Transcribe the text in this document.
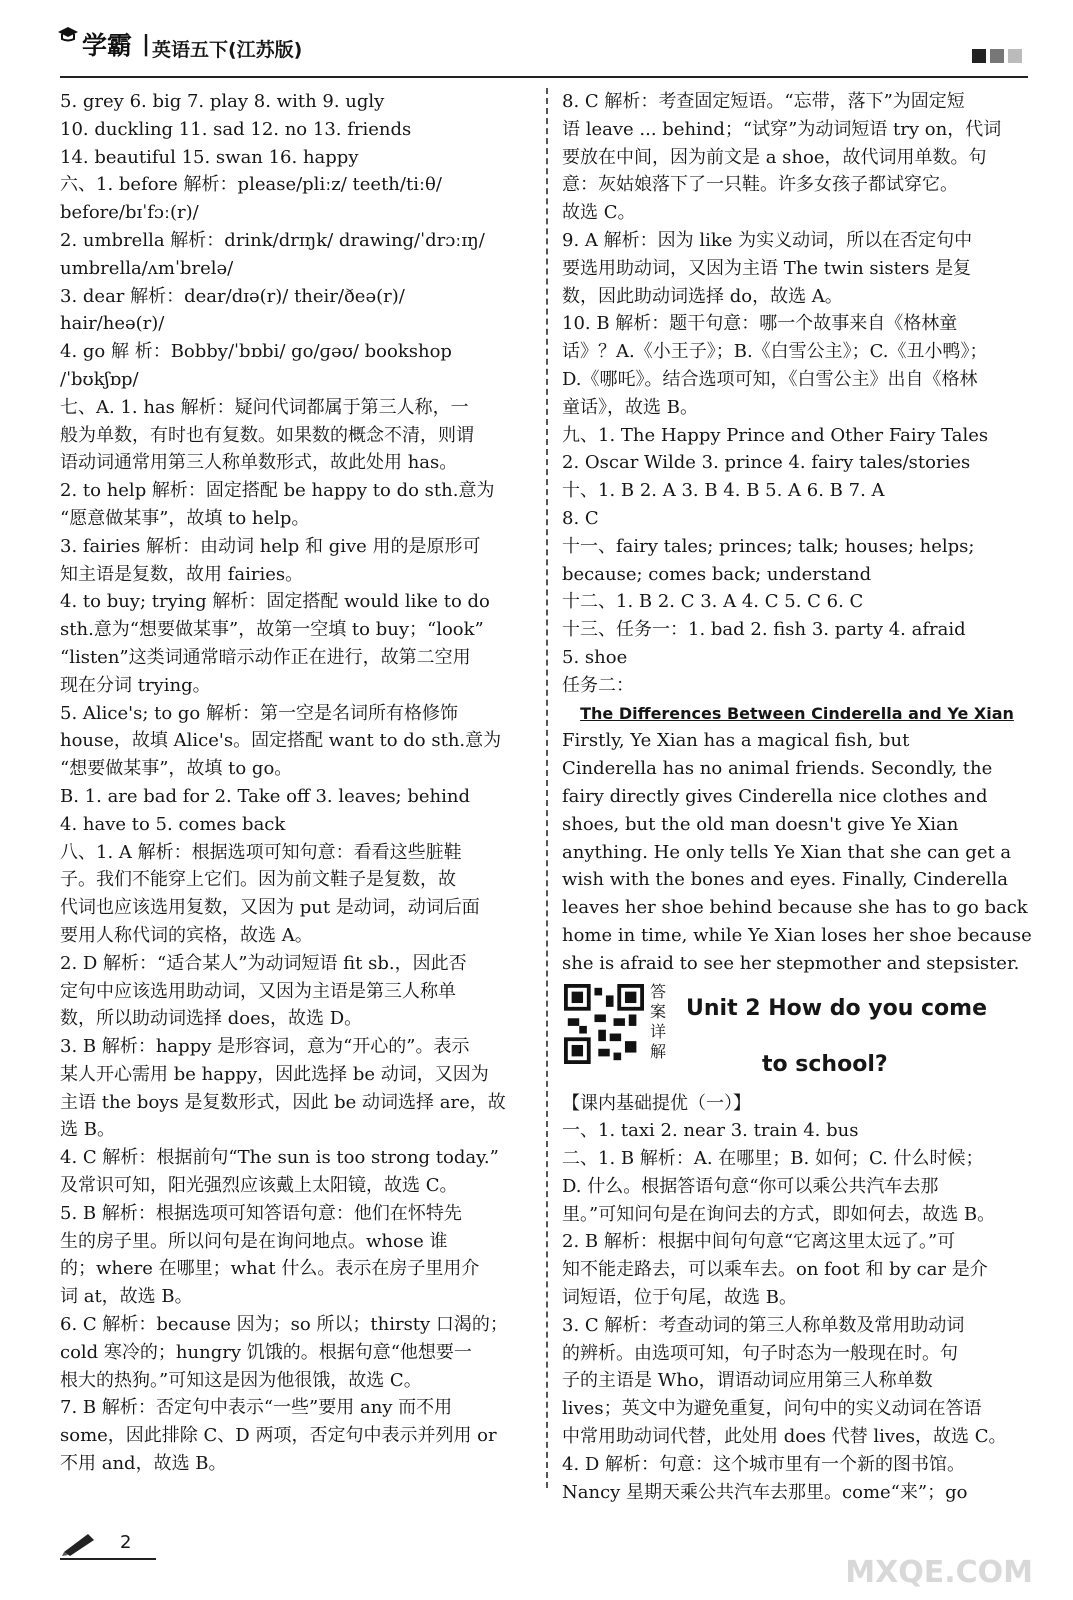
学霸 | 英语五下(江苏版)
5. grey 6. big 7. play 8. with 9. ugly
10. duckling 11. sad 12. no 13. friends
14. beautiful 15. swan 16. happy
六、1. before 解析：please/pliːz/ teeth/tiːθ/
before/bɪˈfɔː(r)/
2. umbrella 解析：drink/drɪŋk/ drawing/ˈdrɔːɪŋ/
umbrella/ʌmˈbrelə/
3. dear 解析：dear/dɪə(r)/ their/ðeə(r)/
hair/heə(r)/
4. go 解 析：Bobby/ˈbɒbi/ go/ɡəʊ/ bookshop
/ˈbʊkʃɒp/
七、A. 1. has 解析：疑问代词都属于第三人称，一
般为单数，有时也有复数。如果数的概念不清，则谓
语动词通常用第三人称单数形式，故此处用 has。
2. to help 解析：固定搭配 be happy to do sth.意为
“愿意做某事”，故填 to help。
3. fairies 解析：由动词 help 和 give 用的是原形可
知主语是复数，故用 fairies。
4. to buy; trying 解析：固定搭配 would like to do
sth.意为“想要做某事”，故第一空填 to buy；“look”
“listen”这类词通常暗示动作正在进行，故第二空用
现在分词 trying。
5. Alice's; to go 解析：第一空是名词所有格修饰
house，故填 Alice's。固定搭配 want to do sth.意为
“想要做某事”，故填 to go。
B. 1. are bad for 2. Take off 3. leaves; behind
4. have to 5. comes back
八、1. A 解析：根据选项可知句意：看看这些脏鞋
子。我们不能穿上它们。因为前文鞋子是复数，故
代词也应该选用复数，又因为 put 是动词，动词后面
要用人称代词的宾格，故选 A。
2. D 解析：“适合某人”为动词短语 fit sb.，因此否
定句中应该选用助动词，又因为主语是第三人称单
数，所以助动词选择 does，故选 D。
3. B 解析：happy 是形容词，意为“开心的”。表示
某人开心需用 be happy，因此选择 be 动词，又因为
主语 the boys 是复数形式，因此 be 动词选择 are，故
选 B。
4. C 解析：根据前句“The sun is too strong today.”
及常识可知，阳光强烈应该戴上太阳镜，故选 C。
5. B 解析：根据选项可知答语句意：他们在怀特先
生的房子里。所以问句是在询问地点。whose 谁
的；where 在哪里；what 什么。表示在房子里用介
词 at，故选 B。
6. C 解析：because 因为；so 所以；thirsty 口渴的；
cold 寒冷的；hungry 饥饿的。根据句意“他想要一
根大的热狗。”可知这是因为他很饿，故选 C。
7. B 解析：否定句中表示“一些”要用 any 而不用
some，因此排除 C、D 两项，否定句中表示并列用 or
不用 and，故选 B。
8. C 解析：考查固定短语。“忘带，落下”为固定短
语 leave ... behind；“试穿”为动词短语 try on，代词
要放在中间，因为前文是 a shoe，故代词用单数。句
意：灰姑娘落下了一只鞋。许多女孩子都试穿它。
故选 C。
9. A 解析：因为 like 为实义动词，所以在否定句中
要选用助动词，又因为主语 The twin sisters 是复
数，因此助动词选择 do，故选 A。
10. B 解析：题干句意：哪一个故事来自《格林童
话》？A.《小王子》；B.《白雪公主》；C.《丑小鸭》；
D.《哪吒》。结合选项可知，《白雪公主》出自《格林
童话》，故选 B。
九、1. The Happy Prince and Other Fairy Tales
2. Oscar Wilde 3. prince 4. fairy tales/stories
十、1. B 2. A 3. B 4. B 5. A 6. B 7. A
8. C
十一、fairy tales; princes; talk; houses; helps;
because; comes back; understand
十二、1. B 2. C 3. A 4. C 5. C 6. C
十三、任务一：1. bad 2. fish 3. party 4. afraid
5. shoe
任务二：
The Differences Between Cinderella and Ye Xian
Firstly, Ye Xian has a magical fish, but
Cinderella has no animal friends. Secondly, the
fairy directly gives Cinderella nice clothes and
shoes, but the old man doesn't give Ye Xian
anything. He only tells Ye Xian that she can get a
wish with the bones and eyes. Finally, Cinderella
leaves her shoe behind because she has to go back
home in time, while Ye Xian loses her shoe because
she is afraid to see her stepmother and stepsister.
答案详解
Unit 2 How do you come
to school?
【课内基础提优（一）】
一、1. taxi 2. near 3. train 4. bus
二、1. B 解析：A. 在哪里；B. 如何；C. 什么时候；
D. 什么。根据答语句意“你可以乘公共汽车去那
里。”可知问句是在询问去的方式，即如何去，故选 B。
2. B 解析：根据中间句句意“它离这里太远了。”可
知不能走路去，可以乘车去。on foot 和 by car 是介
词短语，位于句尾，故选 B。
3. C 解析：考查动词的第三人称单数及常用助动词
的辨析。由选项可知，句子时态为一般现在时。句
子的主语是 Who，谓语动词应用第三人称单数
lives；英文中为避免重复，问句中的实义动词在答语
中常用助动词代替，此处用 does 代替 lives，故选 C。
4. D 解析：句意：这个城市里有一个新的图书馆。
Nancy 星期天乘公共汽车去那里。come“来”；go
2
MXQE.COM
